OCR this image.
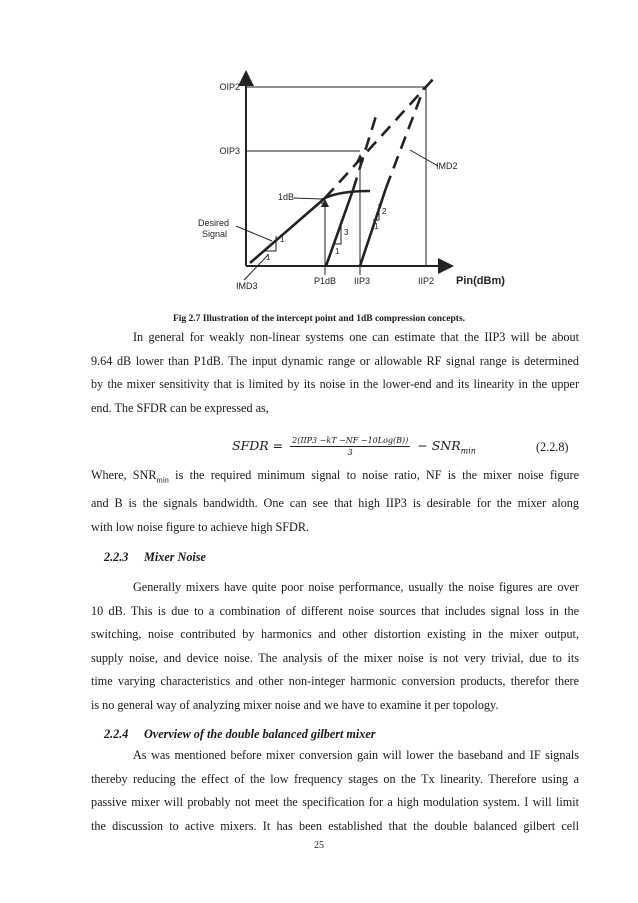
OIP2
OIP3
IMD2
1dB
Desired
Signal
IMD3	P1dB IIP3	IIP2 Pin(dBm)
1
1
3
1
2
1
Fig 2.7 Illustration of the intercept point and 1dB compression concepts.
In general for weakly non-linear systems one can estimate that the IIP3 will be about
9.64 dB lower than P1dB. The input dynamic range or allowable RF signal range is determined
by the mixer sensitivity that is limited by its noise in the lower-end and its linearity in the upper
end. The SFDR can be expressed as,
SFDR = $\frac{\text{2(IIP3 −kT −NF −10Log(B))}}{3} - SNR_{min}$	(2.2.8)
Where, $SNR_{min}$ is the required minimum signal to noise ratio, NF is the mixer noise figure
and B is the signals bandwidth. One can see that high IIP3 is desirable for the mixer along
with low noise figure to achieve high SFDR.
2.2.3 Mixer Noise
Generally mixers have quite poor noise performance, usually the noise figures are over
10 dB. This is due to a combination of different noise sources that includes signal loss in the
switching, noise contributed by harmonics and other distortion existing in the mixer output,
supply noise, and device noise. The analysis of the mixer noise is not very trivial, due to its
time varying characteristics and other non-integer harmonic conversion products, therefor there
is no general way of analyzing mixer noise and we have to examine it per topology.
2.2.4 Overview of the double balanced gilbert mixer
As was mentioned before mixer conversion gain will lower the baseband and IF signals
thereby reducing the effect of the low frequency stages on the Tx linearity. Therefore using a
passive mixer will probably not meet the specification for a high modulation system. I will limit
the discussion to active mixers. It has been established that the double balanced gilbert cell
25
